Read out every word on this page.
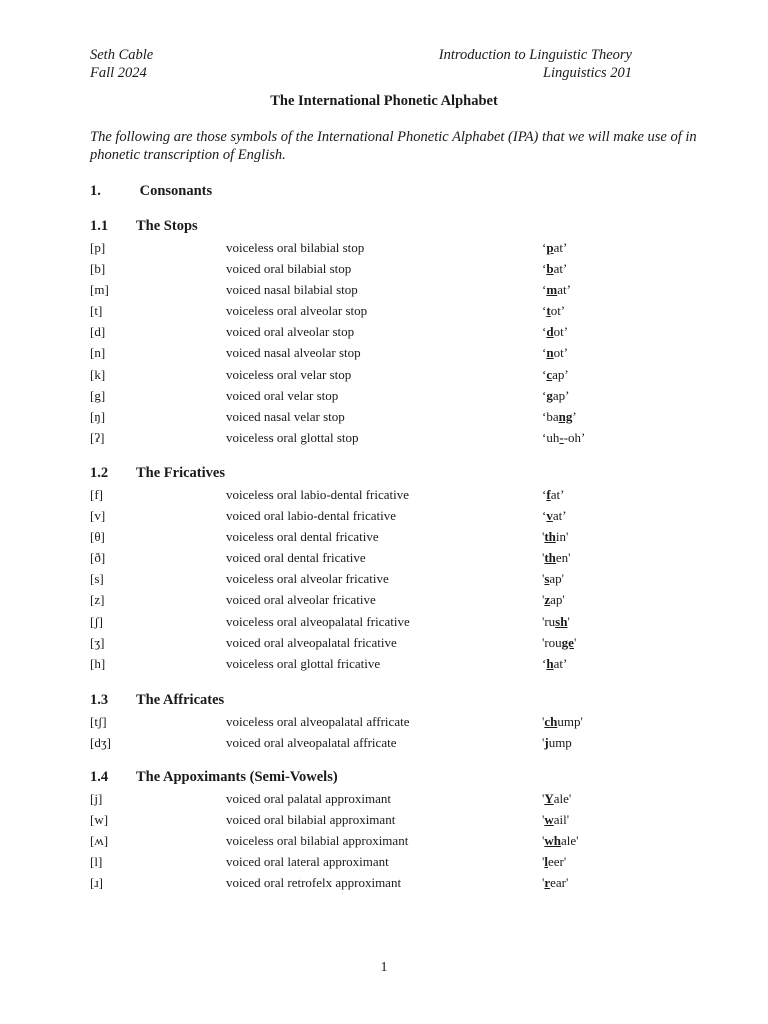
Seth Cable
Fall 2024
Introduction to Linguistic Theory
Linguistics 201
The International Phonetic Alphabet
The following are those symbols of the International Phonetic Alphabet (IPA) that we will make use of in phonetic transcription of English.
1.	Consonants
1.1 The Stops
[p]	voiceless oral bilabial stop	‘pat’
[b]	voiced oral bilabial stop	‘bat’
[m]	voiced nasal bilabial stop	‘mat’
[t]	voiceless oral alveolar stop	‘tot’
[d]	voiced oral alveolar stop	‘dot’
[n]	voiced nasal alveolar stop	‘not’
[k]	voiceless oral velar stop	‘cap’
[g]	voiced oral velar stop	‘gap’
[ŋ]	voiced nasal velar stop	‘bang’
[ʔ]	voiceless oral glottal stop	‘uh--oh’
1.2 The Fricatives
[f]	voiceless oral labio-dental fricative	‘fat’
[v]	voiced oral labio-dental fricative	‘vat’
[θ]	voiceless oral dental fricative	'thin'
[ð]	voiced oral dental fricative	'then'
[s]	voiceless oral alveolar fricative	'sap'
[z]	voiced oral alveolar fricative	'zap'
[ʃ]	voiceless oral alveopalatal fricative	'rush'
[ʒ]	voiced oral alveopalatal fricative	'rouge'
[h]	voiceless oral glottal fricative	‘hat’
1.3 The Affricates
[tʃ]	voiceless oral alveopalatal affricate	'chump'
[dʒ]	voiced oral alveopalatal affricate	'jump
1.4 The Appoximants (Semi-Vowels)
[j]	voiced oral palatal approximant	'Yale'
[w]	voiced oral bilabial approximant	'wail'
[ʍ]	voiceless oral bilabial approximant	'whale'
[l]	voiced oral lateral approximant	'leer'
[ɹ]	voiced oral retrofelx approximant	'rear'
1
